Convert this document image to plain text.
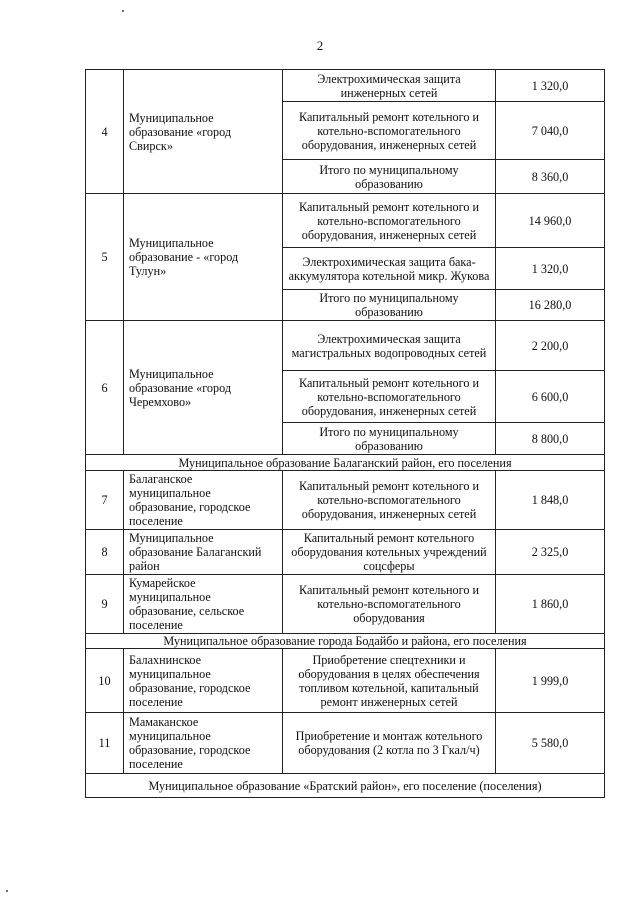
2
4	Муниципальное образование «город Свирск»	Электрохимическая защита инженерных сетей	1 320,0
		Капитальный ремонт котельного и котельно-вспомогательного оборудования, инженерных сетей	7 040,0
		Итого по муниципальному образованию	8 360,0
5	Муниципальное образование - «город Тулун»	Капитальный ремонт котельного и котельно-вспомогательного оборудования, инженерных сетей	14 960,0
		Электрохимическая защита бака-аккумулятора котельной микр. Жукова	1 320,0
		Итого по муниципальному образованию	16 280,0
6	Муниципальное образование «город Черемхово»	Электрохимическая защита магистральных водопроводных сетей	2 200,0
		Капитальный ремонт котельного и котельно-вспомогательного оборудования, инженерных сетей	6 600,0
		Итого по муниципальному образованию	8 800,0
Муниципальное образование Балаганский район, его поселения			
7	Балаганское муниципальное образование, городское поселение	Капитальный ремонт котельного и котельно-вспомогательного оборудования, инженерных сетей	1 848,0
8	Муниципальное образование Балаганский район	Капитальный ремонт котельного оборудования котельных учреждений соцсферы	2 325,0
9	Кумарейское муниципальное образование, сельское поселение	Капитальный ремонт котельного и котельно-вспомогательного оборудования	1 860,0
Муниципальное образование города Бодайбо и района, его поселения			
10	Балахнинское муниципальное образование, городское поселение	Приобретение спецтехники и оборудования в целях обеспечения топливом котельной, капитальный ремонт инженерных сетей	1 999,0
11	Мамаканское муниципальное образование, городское поселение	Приобретение и монтаж котельного оборудования (2 котла по 3 Гкал/ч)	5 580,0
Муниципальное образование «Братский район», его поселение (поселения)			
